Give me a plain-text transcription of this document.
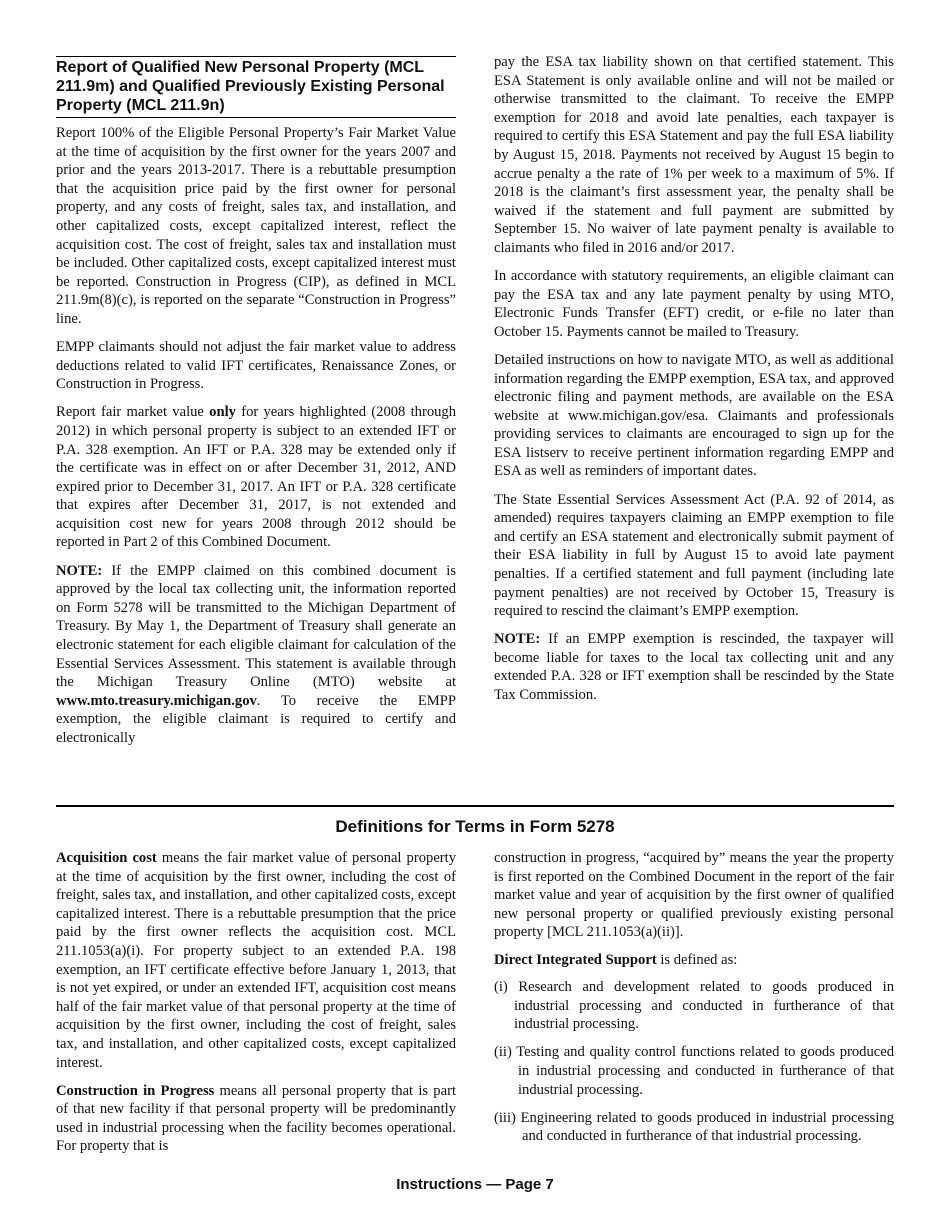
Report of Qualified New Personal Property (MCL 211.9m) and Qualified Previously Existing Personal Property (MCL 211.9n)

Report 100% of the Eligible Personal Property’s Fair Market Value at the time of acquisition by the first owner for the years 2007 and prior and the years 2013-2017. There is a rebuttable presumption that the acquisition price paid by the first owner for personal property, and any costs of freight, sales tax, and installation, and other capitalized costs, except capitalized interest, reflect the acquisition cost. The cost of freight, sales tax and installation must be included. Other capitalized costs, except capitalized interest must be reported. Construction in Progress (CIP), as defined in MCL 211.9m(8)(c), is reported on the separate “Construction in Progress” line.

EMPP claimants should not adjust the fair market value to address deductions related to valid IFT certificates, Renaissance Zones, or Construction in Progress.

Report fair market value only for years highlighted (2008 through 2012) in which personal property is subject to an extended IFT or P.A. 328 exemption. An IFT or P.A. 328 may be extended only if the certificate was in effect on or after December 31, 2012, AND expired prior to December 31, 2017. An IFT or P.A. 328 certificate that expires after December 31, 2017, is not extended and acquisition cost new for years 2008 through 2012 should be reported in Part 2 of this Combined Document.

NOTE: If the EMPP claimed on this combined document is approved by the local tax collecting unit, the information reported on Form 5278 will be transmitted to the Michigan Department of Treasury. By May 1, the Department of Treasury shall generate an electronic statement for each eligible claimant for calculation of the Essential Services Assessment. This statement is available through the Michigan Treasury Online (MTO) website at www.mto.treasury.michigan.gov. To receive the EMPP exemption, the eligible claimant is required to certify and electronically

pay the ESA tax liability shown on that certified statement. This ESA Statement is only available online and will not be mailed or otherwise transmitted to the claimant. To receive the EMPP exemption for 2018 and avoid late penalties, each taxpayer is required to certify this ESA Statement and pay the full ESA liability by August 15, 2018. Payments not received by August 15 begin to accrue penalty a the rate of 1% per week to a maximum of 5%. If 2018 is the claimant’s first assessment year, the penalty shall be waived if the statement and full payment are submitted by September 15. No waiver of late payment penalty is available to claimants who filed in 2016 and/or 2017.

In accordance with statutory requirements, an eligible claimant can pay the ESA tax and any late payment penalty by using MTO, Electronic Funds Transfer (EFT) credit, or e-file no later than October 15. Payments cannot be mailed to Treasury.

Detailed instructions on how to navigate MTO, as well as additional information regarding the EMPP exemption, ESA tax, and approved electronic filing and payment methods, are available on the ESA website at www.michigan.gov/esa. Claimants and professionals providing services to claimants are encouraged to sign up for the ESA listserv to receive pertinent information regarding EMPP and ESA as well as reminders of important dates.

The State Essential Services Assessment Act (P.A. 92 of 2014, as amended) requires taxpayers claiming an EMPP exemption to file and certify an ESA statement and electronically submit payment of their ESA liability in full by August 15 to avoid late payment penalties. If a certified statement and full payment (including late payment penalties) are not received by October 15, Treasury is required to rescind the claimant’s EMPP exemption.

NOTE: If an EMPP exemption is rescinded, the taxpayer will become liable for taxes to the local tax collecting unit and any extended P.A. 328 or IFT exemption shall be rescinded by the State Tax Commission.

Definitions for Terms in Form 5278

Acquisition cost means the fair market value of personal property at the time of acquisition by the first owner, including the cost of freight, sales tax, and installation, and other capitalized costs, except capitalized interest. There is a rebuttable presumption that the price paid by the first owner reflects the acquisition cost. MCL 211.1053(a)(i). For property subject to an extended P.A. 198 exemption, an IFT certificate effective before January 1, 2013, that is not yet expired, or under an extended IFT, acquisition cost means half of the fair market value of that personal property at the time of acquisition by the first owner, including the cost of freight, sales tax, and installation, and other capitalized costs, except capitalized interest.

Construction in Progress means all personal property that is part of that new facility if that personal property will be predominantly used in industrial processing when the facility becomes operational. For property that is

construction in progress, “acquired by” means the year the property is first reported on the Combined Document in the report of the fair market value and year of acquisition by the first owner of qualified new personal property or qualified previously existing personal property [MCL 211.1053(a)(ii)].

Direct Integrated Support is defined as:

(i) Research and development related to goods produced in industrial processing and conducted in furtherance of that industrial processing.

(ii) Testing and quality control functions related to goods produced in industrial processing and conducted in furtherance of that industrial processing.

(iii) Engineering related to goods produced in industrial processing and conducted in furtherance of that industrial processing.

Instructions — Page 7
